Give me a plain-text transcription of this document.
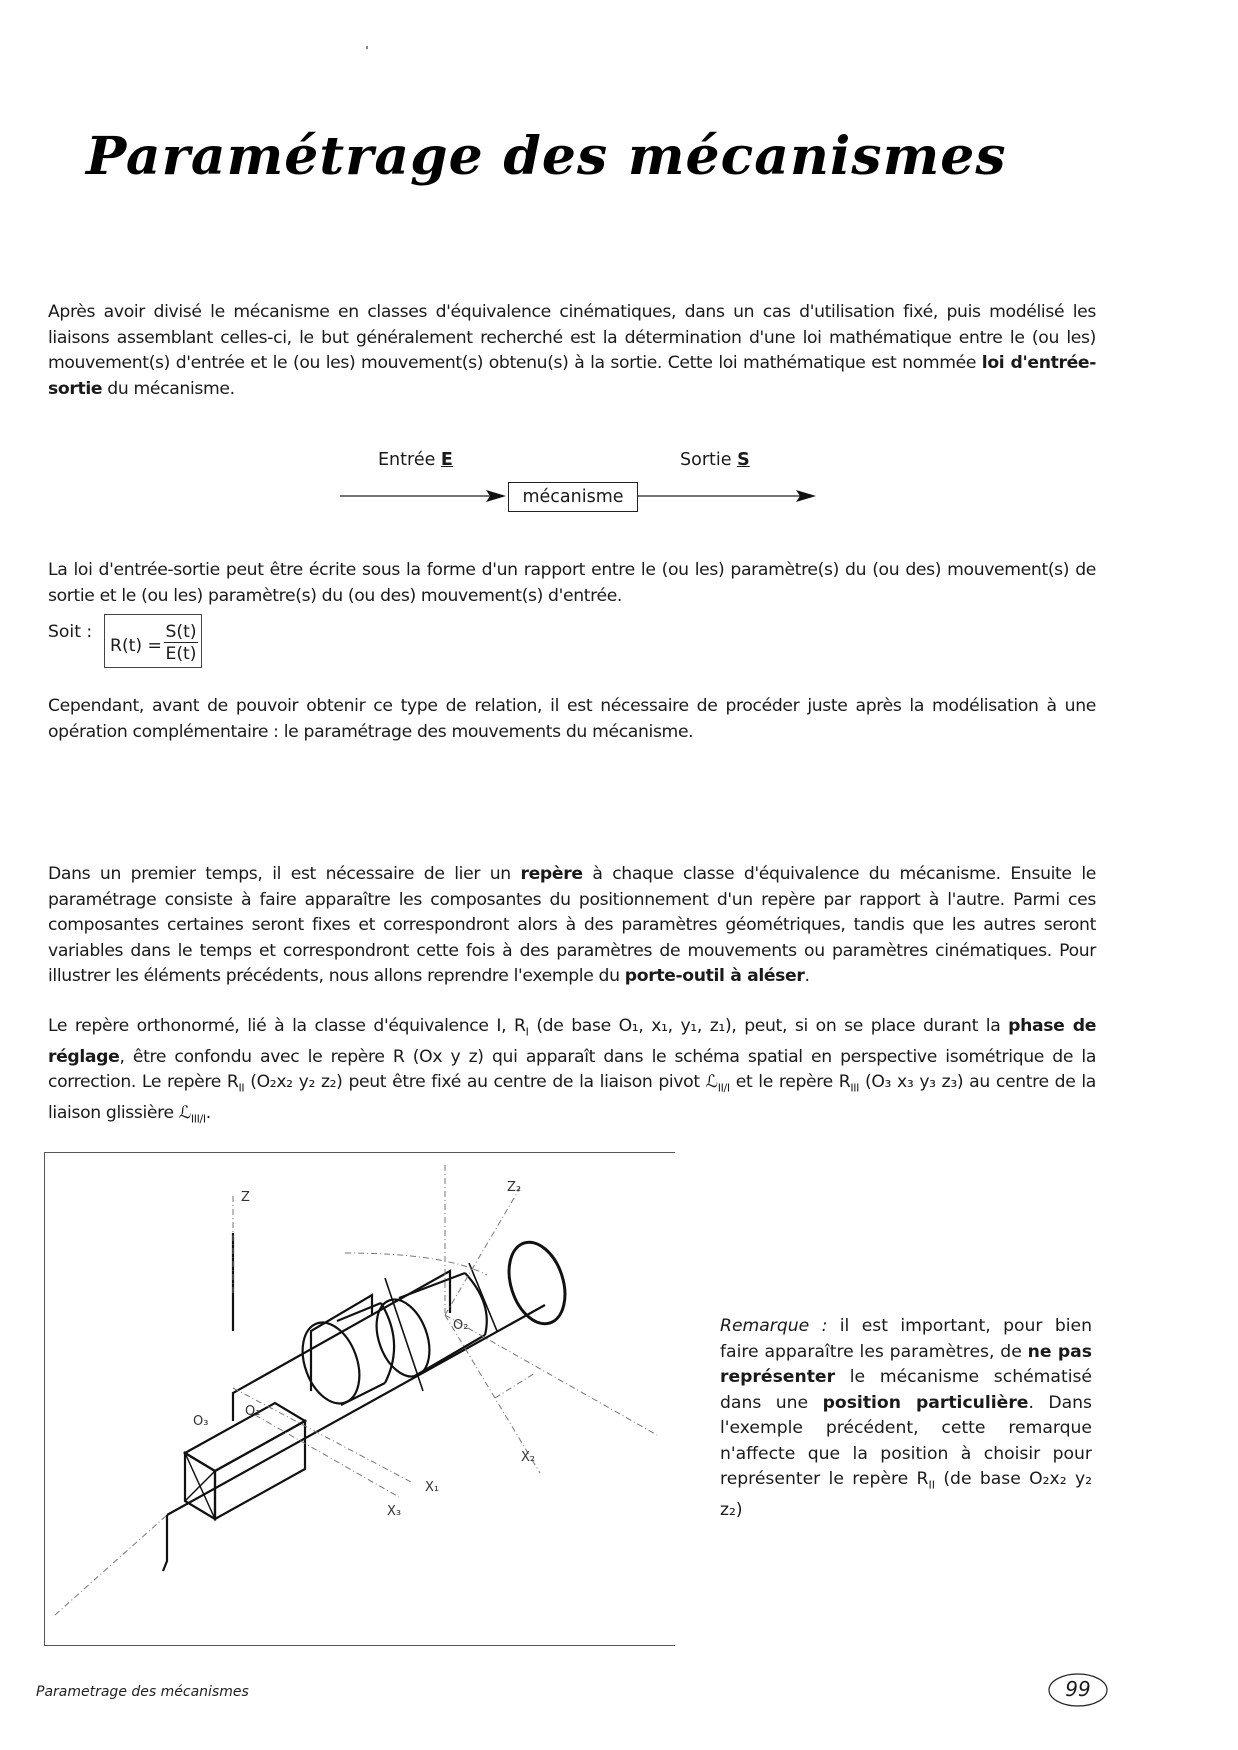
Paramétrage des mécanismes

Après avoir divisé le mécanisme en classes d'équivalence cinématiques, dans un cas d'utilisation fixé, puis modélisé les liaisons assemblant celles-ci, le but généralement recherché est la détermination d'une loi mathématique entre le (ou les) mouvement(s) d'entrée et le (ou les) mouvement(s) obtenu(s) à la sortie. Cette loi mathématique est nommée loi d'entrée-sortie du mécanisme.

Entrée E	Sortie S
mécanisme

La loi d'entrée-sortie peut être écrite sous la forme d'un rapport entre le (ou les) paramètre(s) du (ou des) mouvement(s) de sortie et le (ou les) paramètre(s) du (ou des) mouvement(s) d'entrée.

Soit :
$R(t) = \frac{S(t)}{E(t)}$

Cependant, avant de pouvoir obtenir ce type de relation, il est nécessaire de procéder juste après la modélisation à une opération complémentaire : le paramétrage des mouvements du mécanisme.

Dans un premier temps, il est nécessaire de lier un repère à chaque classe d'équivalence du mécanisme. Ensuite le paramétrage consiste à faire apparaître les composantes du positionnement d'un repère par rapport à l'autre. Parmi ces composantes certaines seront fixes et correspondront alors à des paramètres géométriques, tandis que les autres seront variables dans le temps et correspondront cette fois à des paramètres de mouvements ou paramètres cinématiques. Pour illustrer les éléments précédents, nous allons reprendre l'exemple du porte-outil à aléser.

Le repère orthonormé, lié à la classe d'équivalence I, $R_I$ (de base O₁, x₁, y₁, z₁), peut, si on se place durant la phase de réglage, être confondu avec le repère R (Ox y z) qui apparaît dans le schéma spatial en perspective isométrique de la correction. Le repère $R_{II}$ (O₂x₂ y₂ z₂) peut être fixé au centre de la liaison pivot ℒ$_{II/I}$ et le repère $R_{III}$ (O₃ x₃ y₃ z₃) au centre de la liaison glissière ℒ$_{III/I}$.

Z
Z₂
X₁
X₃
X₂
O₁
O₂
O₃

Remarque : il est important, pour bien faire apparaître les paramètres, de ne pas représenter le mécanisme schématisé dans une position particulière. Dans l'exemple précédent, cette remarque n'affecte que la position à choisir pour représenter le repère $R_{II}$ (de base O₂x₂ y₂ z₂)

Parametrage des mécanismes	99
